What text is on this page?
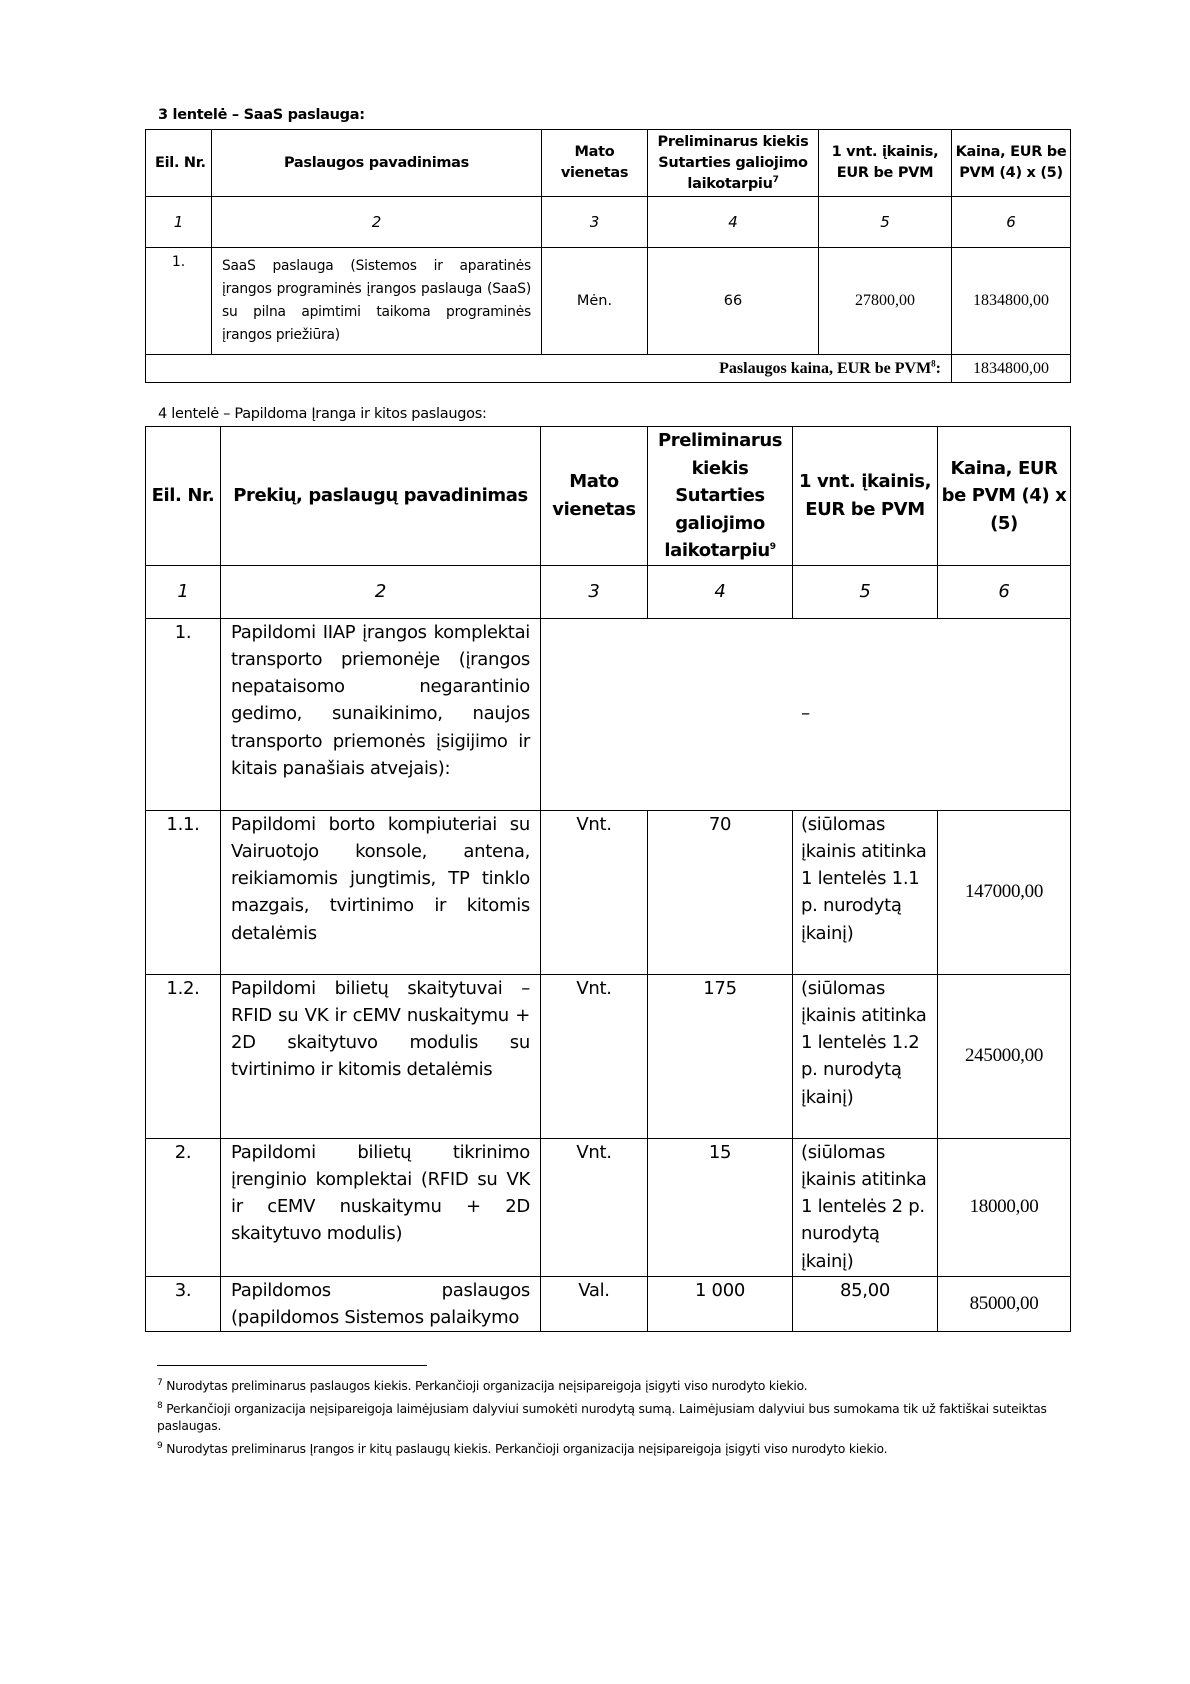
3 lentelė – SaaS paslauga:
Eil. Nr.	Paslaugos pavadinimas	Mato vienetas	Preliminarus kiekis Sutarties galiojimo laikotarpiu$^7$	1 vnt. įkainis, EUR be PVM	Kaina, EUR be PVM (4) x (5)
1	2	3	4	5	6
1.	SaaS paslauga (Sistemos ir aparatinės įrangos programinės įrangos paslauga (SaaS) su pilna apimtimi taikoma programinės įrangos priežiūra)	Mėn.	66	27800,00	1834800,00
Paslaugos kaina, EUR be PVM$^8$:					1834800,00
4 lentelė – Papildoma Įranga ir kitos paslaugos:
Eil. Nr.	Prekių, paslaugų pavadinimas	Mato vienetas	Preliminarus kiekis Sutarties galiojimo laikotarpiu$^9$	1 vnt. įkainis, EUR be PVM	Kaina, EUR be PVM (4) x (5)
1	2	3	4	5	6
1.	Papildomi IIAP įrangos komplektai transporto priemonėje (įrangos nepataisomo negarantinio gedimo, sunaikinimo, naujos transporto priemonės įsigijimo ir kitais panašiais atvejais):	–			
1.1.	Papildomi borto kompiuteriai su Vairuotojo konsole, antena, reikiamomis jungtimis, TP tinklo mazgais, tvirtinimo ir kitomis detalėmis	Vnt.	70	(siūlomas įkainis atitinka 1 lentelės 1.1 p. nurodytą įkainį)	147000,00
1.2.	Papildomi bilietų skaitytuvai – RFID su VK ir cEMV nuskaitymu + 2D skaitytuvo modulis su tvirtinimo ir kitomis detalėmis	Vnt.	175	(siūlomas įkainis atitinka 1 lentelės 1.2 p. nurodytą įkainį)	245000,00
2.	Papildomi bilietų tikrinimo įrenginio komplektai (RFID su VK ir cEMV nuskaitymu + 2D skaitytuvo modulis)	Vnt.	15	(siūlomas įkainis atitinka 1 lentelės 2 p. nurodytą įkainį)	18000,00
3.	Papildomos paslaugos (papildomos Sistemos palaikymo	Val.	1 000	85,00	85000,00
$^7$ Nurodytas preliminarus paslaugos kiekis. Perkančioji organizacija neįsipareigoja įsigyti viso nurodyto kiekio.
$^8$ Perkančioji organizacija neįsipareigoja laimėjusiam dalyviui sumokėti nurodytą sumą. Laimėjusiam dalyviui bus sumokama tik už faktiškai suteiktas paslaugas.
$^9$ Nurodytas preliminarus Įrangos ir kitų paslaugų kiekis. Perkančioji organizacija neįsipareigoja įsigyti viso nurodyto kiekio.
